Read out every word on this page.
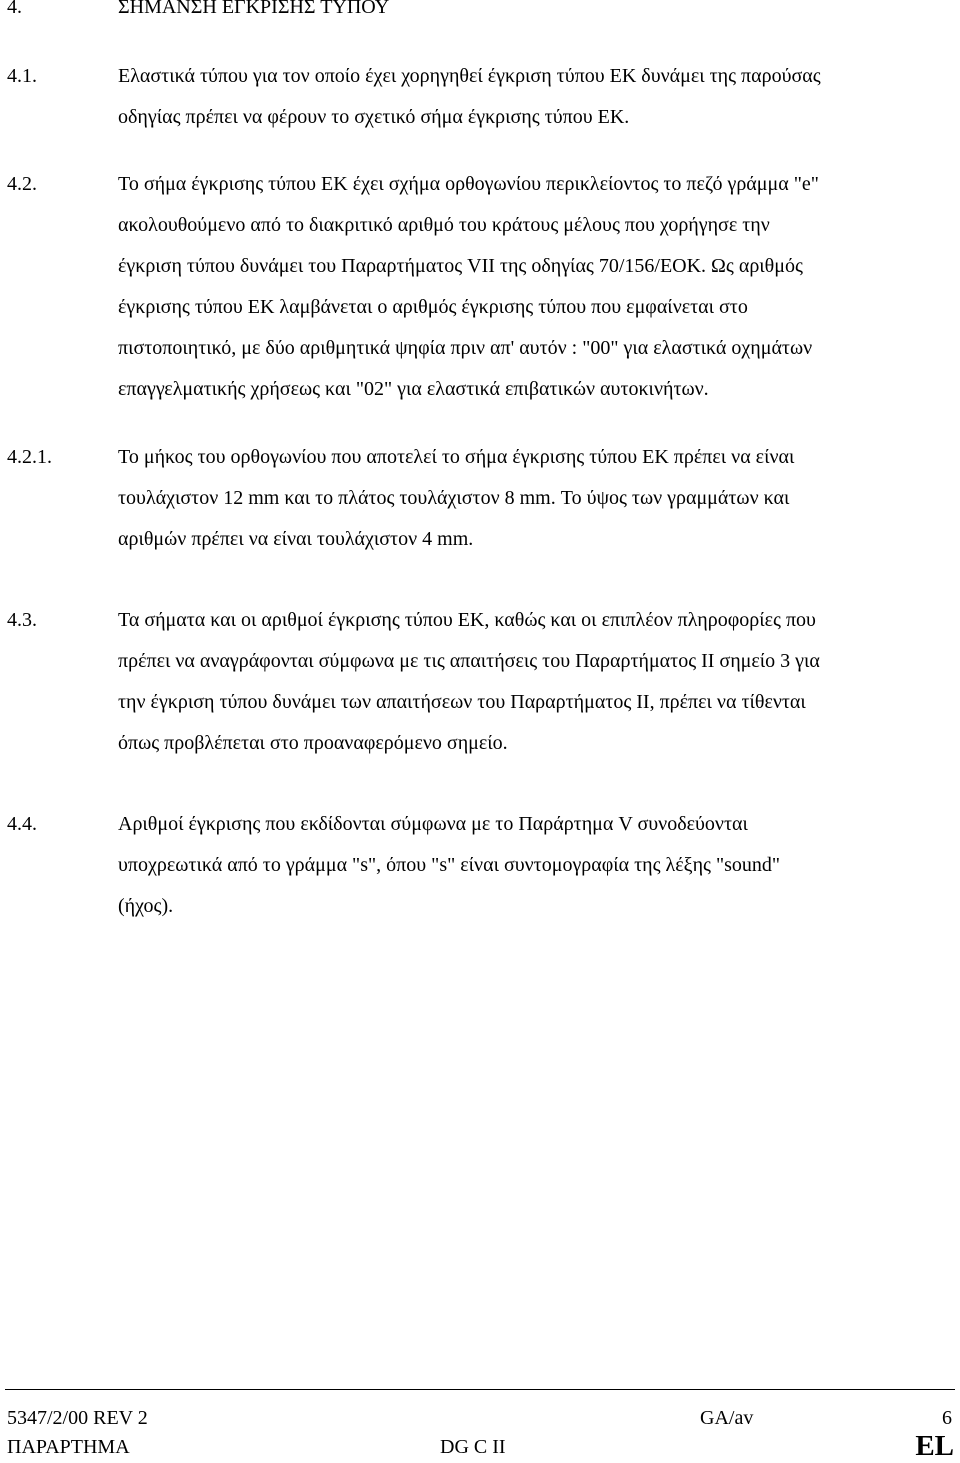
4.	ΣΗΜΑΝΣΗ ΕΓΚΡΙΣΗΣ ΤΥΠΟΥ
4.1.	Ελαστικά τύπου για τον οποίο έχει χορηγηθεί έγκριση τύπου ΕΚ δυνάμει της παρούσας
οδηγίας πρέπει να φέρουν το σχετικό σήμα έγκρισης τύπου ΕΚ.
4.2.	Το σήμα έγκρισης τύπου ΕΚ έχει σχήμα ορθογωνίου περικλείοντος το πεζό γράμμα "e"
ακολουθούμενο από το διακριτικό αριθμό του κράτους μέλους που χορήγησε την
έγκριση τύπου δυνάμει του Παραρτήματος VII της οδηγίας 70/156/ΕΟΚ. Ως αριθμός
έγκρισης τύπου ΕΚ λαμβάνεται ο αριθμός έγκρισης τύπου που εμφαίνεται στο
πιστοποιητικό, με δύο αριθμητικά ψηφία πριν απ' αυτόν : "00" για ελαστικά οχημάτων
επαγγελματικής χρήσεως και "02" για ελαστικά επιβατικών αυτοκινήτων.
4.2.1.	Το μήκος του ορθογωνίου που αποτελεί το σήμα έγκρισης τύπου ΕΚ πρέπει να είναι
τουλάχιστον 12 mm και το πλάτος τουλάχιστον 8 mm. Το ύψος των γραμμάτων και
αριθμών πρέπει να είναι τουλάχιστον 4 mm.
4.3.	Τα σήματα και οι αριθμοί έγκρισης τύπου ΕΚ, καθώς και οι επιπλέον πληροφορίες που
πρέπει να αναγράφονται σύμφωνα με τις απαιτήσεις του Παραρτήματος ΙΙ σημείο 3 για
την έγκριση τύπου δυνάμει των απαιτήσεων του Παραρτήματος ΙΙ, πρέπει να τίθενται
όπως προβλέπεται στο προαναφερόμενο σημείο.
4.4.	Αριθμοί έγκρισης που εκδίδονται σύμφωνα με το Παράρτημα V συνοδεύονται
υποχρεωτικά από το γράμμα "s", όπου "s" είναι συντομογραφία της λέξης "sound"
(ήχος).
5347/2/00 REV 2	GA/av	6
ΠΑΡΑΡΤΗΜΑ	DG C II	EL
